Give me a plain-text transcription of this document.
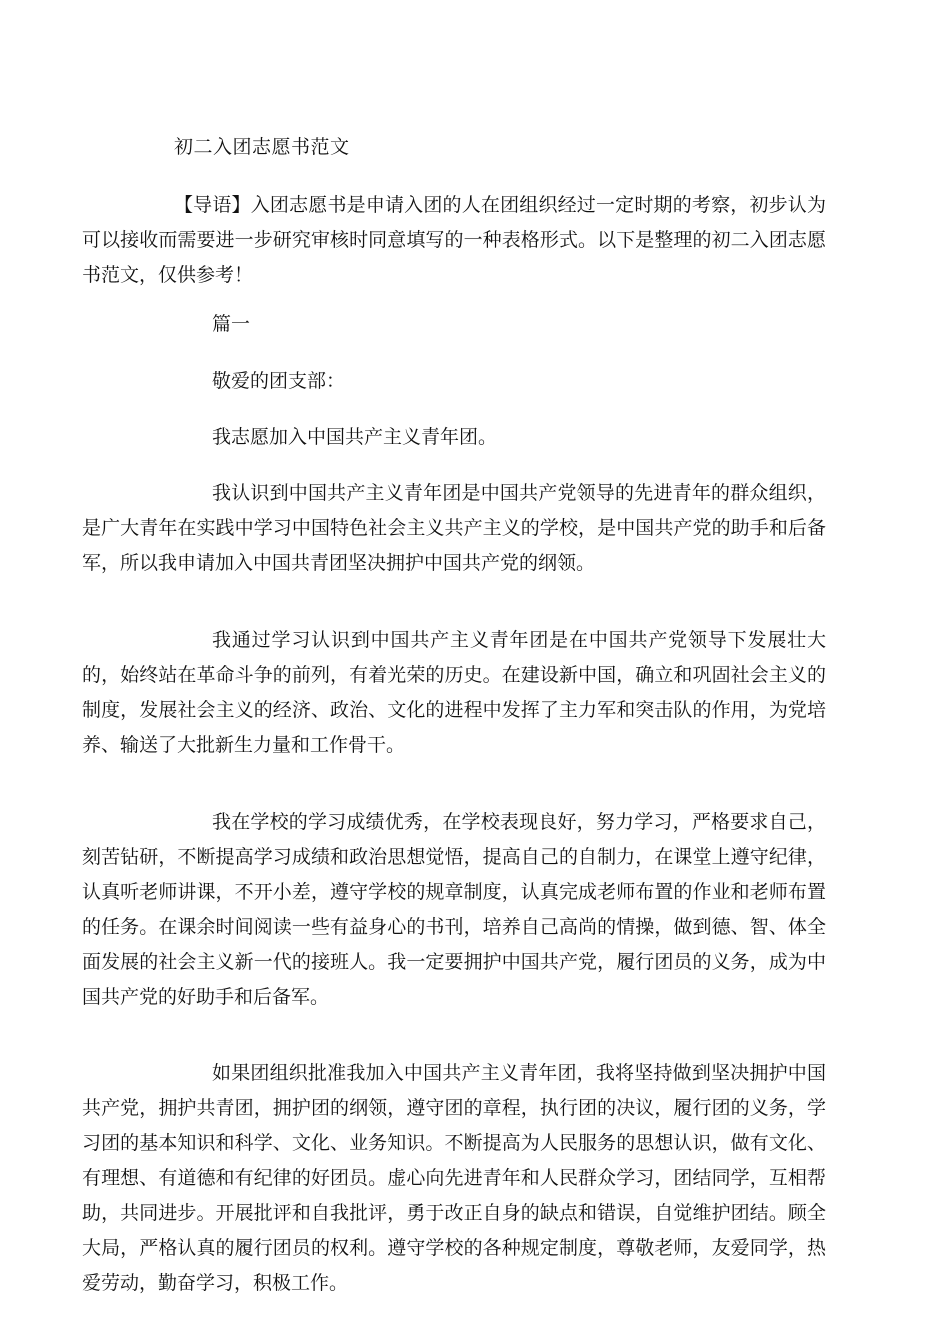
初二入团志愿书范文

【导语】入团志愿书是申请入团的人在团组织经过一定时期的考察，初步认为可以接收而需要进一步研究审核时同意填写的一种表格形式。以下是整理的初二入团志愿书范文，仅供参考！

篇一

敬爱的团支部：

我志愿加入中国共产主义青年团。

我认识到中国共产主义青年团是中国共产党领导的先进青年的群众组织，是广大青年在实践中学习中国特色社会主义共产主义的学校，是中国共产党的助手和后备军，所以我申请加入中国共青团坚决拥护中国共产党的纲领。

我通过学习认识到中国共产主义青年团是在中国共产党领导下发展壮大的，始终站在革命斗争的前列，有着光荣的历史。在建设新中国，确立和巩固社会主义的制度，发展社会主义的经济、政治、文化的进程中发挥了主力军和突击队的作用，为党培养、输送了大批新生力量和工作骨干。

我在学校的学习成绩优秀，在学校表现良好，努力学习，严格要求自己，刻苦钻研，不断提高学习成绩和政治思想觉悟，提高自己的自制力，在课堂上遵守纪律，认真听老师讲课，不开小差，遵守学校的规章制度，认真完成老师布置的作业和老师布置的任务。在课余时间阅读一些有益身心的书刊，培养自己高尚的情操，做到德、智、体全面发展的社会主义新一代的接班人。我一定要拥护中国共产党，履行团员的义务，成为中国共产党的好助手和后备军。

如果团组织批准我加入中国共产主义青年团，我将坚持做到坚决拥护中国共产党，拥护共青团，拥护团的纲领，遵守团的章程，执行团的决议，履行团的义务，学习团的基本知识和科学、文化、业务知识。不断提高为人民服务的思想认识，做有文化、有理想、有道德和有纪律的好团员。虚心向先进青年和人民群众学习，团结同学，互相帮助，共同进步。开展批评和自我批评，勇于改正自身的缺点和错误，自觉维护团结。顾全大局，严格认真的履行团员的权利。遵守学校的各种规定制度，尊敬老师，友爱同学，热爱劳动，勤奋学习，积极工作。
